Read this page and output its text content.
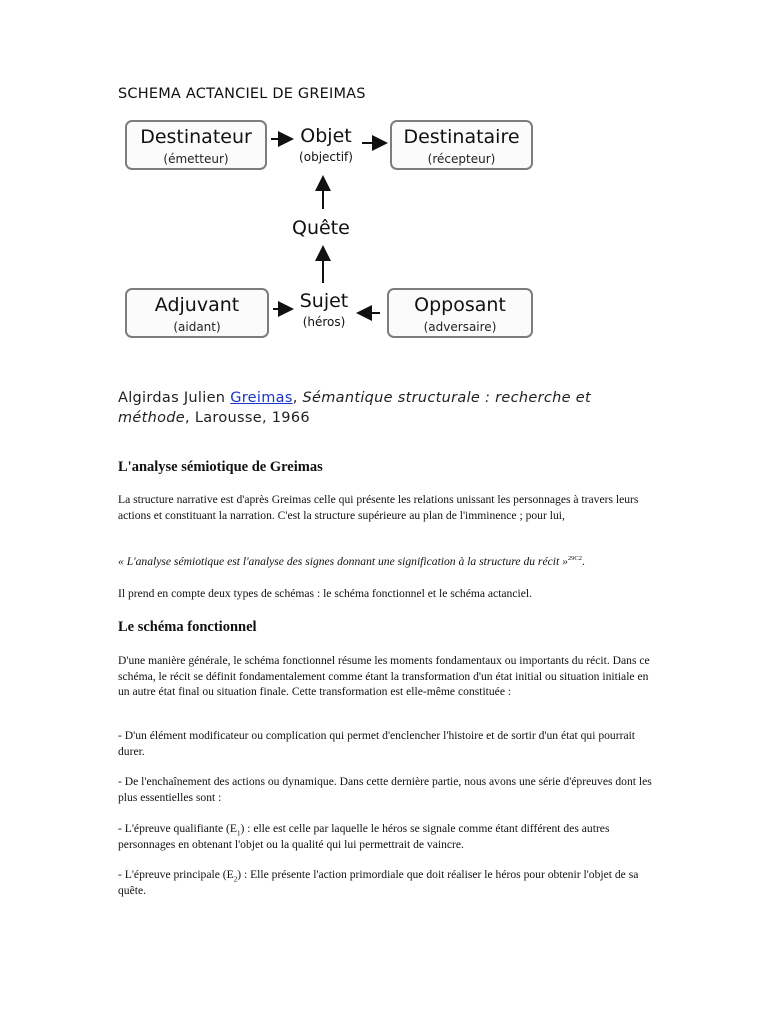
SCHEMA ACTANCIEL DE GREIMAS
Destinateur
(émetteur)
Objet
(objectif)
Destinataire
(récepteur)
Quête
Adjuvant
(aidant)
Sujet
(héros)
Opposant
(adversaire)
Algirdas Julien Greimas, Sémantique structurale : recherche et méthode, Larousse, 1966
L'analyse sémiotique de Greimas
La structure narrative est d'après Greimas celle qui présente les relations unissant les personnages à travers leurs actions et constituant la narration. C'est la structure supérieure au plan de l'imminence ; pour lui,
« L'analyse sémiotique est l'analyse des signes donnant une signification à la structure du récit »$^{29C2}$.
Il prend en compte deux types de schémas : le schéma fonctionnel et le schéma actanciel.
Le schéma fonctionnel
D'une manière générale, le schéma fonctionnel résume les moments fondamentaux ou importants du récit. Dans ce schéma, le récit se définit fondamentalement comme étant la transformation d'un état initial ou situation initiale en un autre état final ou situation finale. Cette transformation est elle-même constituée :
- D'un élément modificateur ou complication qui permet d'enclencher l'histoire et de sortir d'un état qui pourrait durer.
- De l'enchaînement des actions ou dynamique. Dans cette dernière partie, nous avons une série d'épreuves dont les plus essentielles sont :
- L'épreuve qualifiante $(E_1)$ : elle est celle par laquelle le héros se signale comme étant différent des autres personnages en obtenant l'objet ou la qualité qui lui permettrait de vaincre.
- L'épreuve principale $(E_2)$ : Elle présente l'action primordiale que doit réaliser le héros pour obtenir l'objet de sa quête.
